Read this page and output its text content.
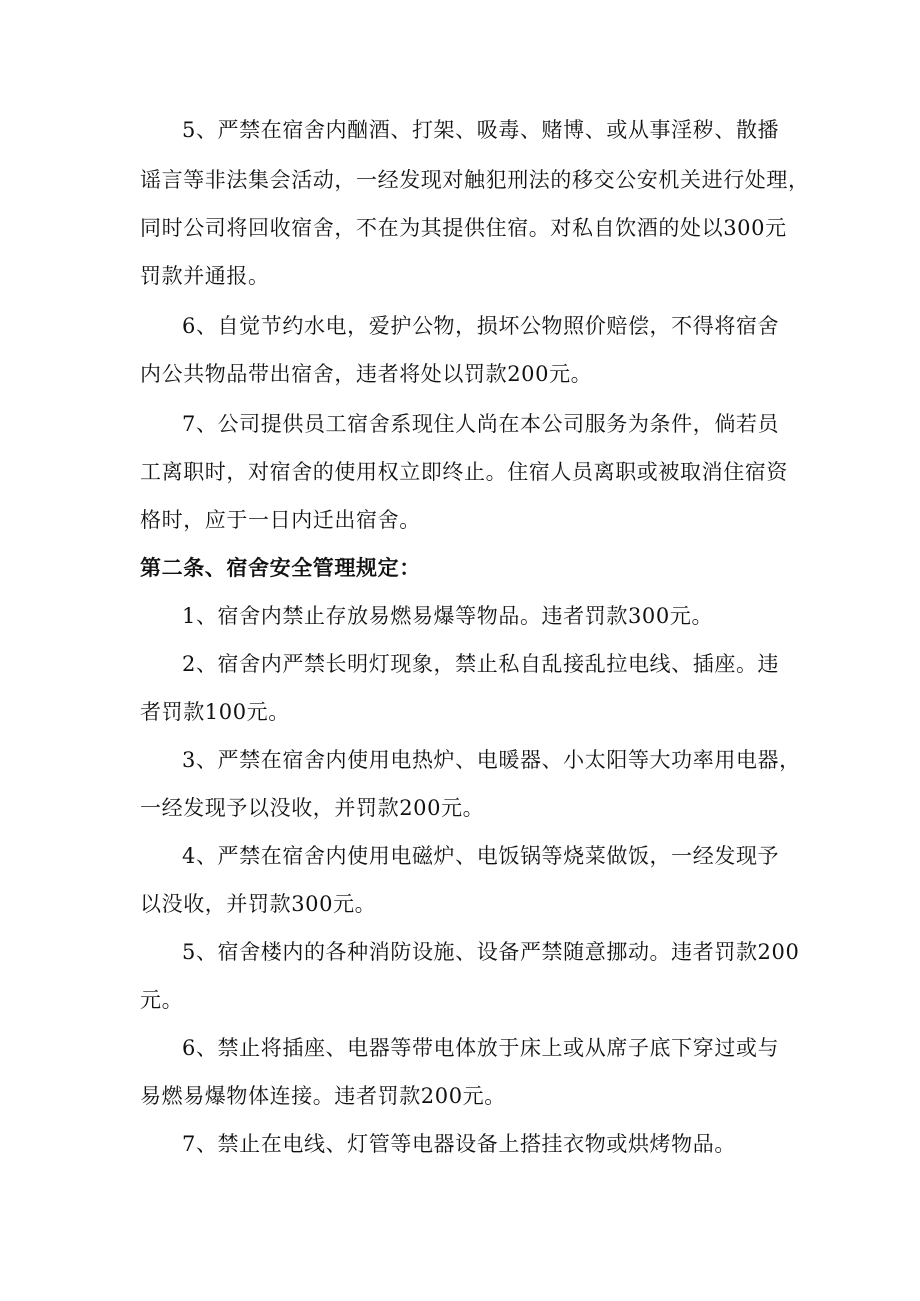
5、严禁在宿舍内酗酒、打架、吸毒、赌博、或从事淫秽、散播
谣言等非法集会活动，一经发现对触犯刑法的移交公安机关进行处理，
同时公司将回收宿舍，不在为其提供住宿。对私自饮酒的处以300元
罚款并通报。
6、自觉节约水电，爱护公物，损坏公物照价赔偿，不得将宿舍
内公共物品带出宿舍，违者将处以罚款200元。
7、公司提供员工宿舍系现住人尚在本公司服务为条件，倘若员
工离职时，对宿舍的使用权立即终止。住宿人员离职或被取消住宿资
格时，应于一日内迁出宿舍。
第二条、宿舍安全管理规定：
1、宿舍内禁止存放易燃易爆等物品。违者罚款300元。
2、宿舍内严禁长明灯现象，禁止私自乱接乱拉电线、插座。违
者罚款100元。
3、严禁在宿舍内使用电热炉、电暖器、小太阳等大功率用电器，
一经发现予以没收，并罚款200元。
4、严禁在宿舍内使用电磁炉、电饭锅等烧菜做饭，一经发现予
以没收，并罚款300元。
5、宿舍楼内的各种消防设施、设备严禁随意挪动。违者罚款200
元。
6、禁止将插座、电器等带电体放于床上或从席子底下穿过或与
易燃易爆物体连接。违者罚款200元。
7、禁止在电线、灯管等电器设备上搭挂衣物或烘烤物品。
